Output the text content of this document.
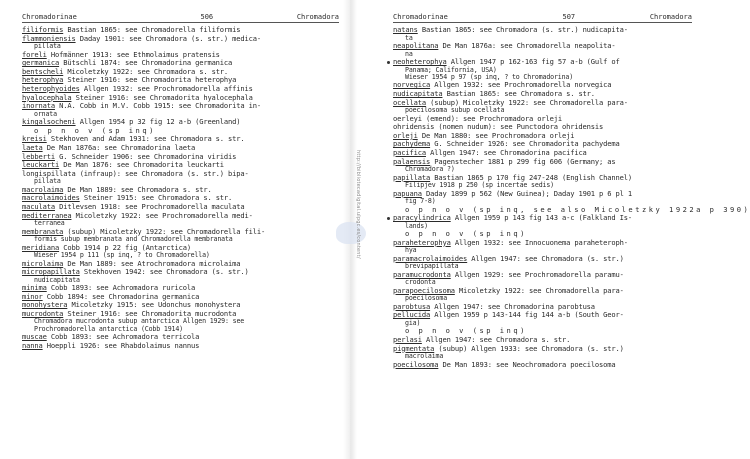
http://bibliotecadigital.ulpgc.es/content/
Chromadorinae	506	Chromadora
filiformis Bastian 1865: see Chromadorella filiformis
flammoniensis Daday 1901: see Chromadora (s. str.) medica-
pillata
foreli Hofmänner 1913: see Ethmolaimus pratensis
germanica Bütschli 1874: see Chromadorina germanica
bentscheli Micoletzky 1922: see Chromadora s. str.
heterophya Steiner 1916: see Chromadorita heterophya
heterophyoides Allgen 1932: see Prochromadorella affinis
hyalocephala Steiner 1916: see Chromadorita hyalocephala
inornata N.A. Cobb in M.V. Cobb 1915: see Chromadorita in-
ornata
kingalsocheni Allgen 1954 p 32 fig 12 a-b (Greenland)
o p n o v (sp inq)
kreisi Stekhoven and Adam 1931: see Chromadora s. str.
laeta De Man 1876a: see Chromadorina laeta
lebberti G. Schneider 1906: see Chromadorina viridis
leuckarti De Man 1876: see Chromadorita leuckarti
longispillata (infraup): see Chromadora (s. str.) bipa-
pillata
macrolaima De Man 1889: see Chromadora s. str.
macrolaimoides Steiner 1915: see Chromadora s. str.
maculata Ditlevsen 1918: see Prochromadorella maculata
mediterranea Micoletzky 1922: see Prochromadorella medi-
terranea
membranata (subup) Micoletzky 1922: see Chromadorella fili-
formis subup membranata and Chromadorella membranata
meridiana Cobb 1914 p 22 fig (Antarctica)
Wieser 1954 p 111 (sp inq, ? to Chromadorella)
microlaima De Man 1889: see Atrochromadora microlaima
micropapillata Stekhoven 1942: see Chromadora (s. str.)
nudicapitata
minima Cobb 1893: see Achromadora ruricola
minor Cobb 1894: see Chromadorina germanica
monohystera Micoletzky 1915: see Udonchus monohystera
mucrodonta Steiner 1916: see Chromadorita mucrodonta
Chromadora mucrodonta subup antarctica Allgen 1929: see
Prochromadorella antarctica (Cobb 1914)
muscae Cobb 1893: see Achromadora terricola
nanna Hoeppli 1926: see Rhabdolaimus nannus
Chromadorinae	507	Chromadora
natans Bastian 1865: see Chromadora (s. str.) nudicapita-
ta
neapolitana De Man 1876a: see Chromadorella neapolita-
na
neoheterophya Allgen 1947 p 162-163 fig 57 a-b (Gulf of
Panama; California, USA)
Wieser 1954 p 97 (sp inq, ? to Chromadorina)
norvegica Allgen 1932: see Prochromadorella norvegica
nudicapitata Bastian 1865: see Chromadora s. str.
ocellata (subup) Micoletzky 1922: see Chromadorella para-
poecilosoma subup ocellata
oerleyi (emend): see Prochromadora orleji
ohridensis (nomen nudum): see Punctodora ohridensis
orleji De Man 1880: see Prochromadora orleji
pachydema G. Schneider 1926: see Chromadorita pachydema
pacifica Allgen 1947: see Chromadorina pacifica
palaensis Pagenstecher 1881 p 299 fig 606 (Germany; as
Chromadora ?)
papillata Bastian 1865 p 170 fig 247-248 (English Channel)
Filipjev 1918 p 250 (sp incertae sedis)
papuana Daday 1899 p 562 (New Guinea); Daday 1901 p 6 pl 1
fig 7-8)
o p n o v (sp inq, see also Micoletzky 1922a p 390)
paracylindrica Allgen 1959 p 143 fig 143 a-c (Falkland Is-
lands)
o p n o v (sp inq)
paraheterophya Allgen 1932: see Innocuonema paraheteroph-
hya
paramacrolaimoides Allgen 1947: see Chromadora (s. str.)
brevipapillata
paramucrodonta Allgen 1929: see Prochromadorella paramu-
crodonta
parapoecilosoma Micoletzky 1922: see Chromadorella para-
poecilosoma
parobtusa Allgen 1947: see Chromadorina parobtusa
pellucida Allgen 1959 p 143-144 fig 144 a-b (South Geor-
gia)
o p n o v (sp inq)
perlasi Allgen 1947: see Chromadora s. str.
pigmentata (subup) Allgen 1933: see Chromadora (s. str.)
macrolaima
poecilosoma De Man 1893: see Neochromadora poecilosoma
